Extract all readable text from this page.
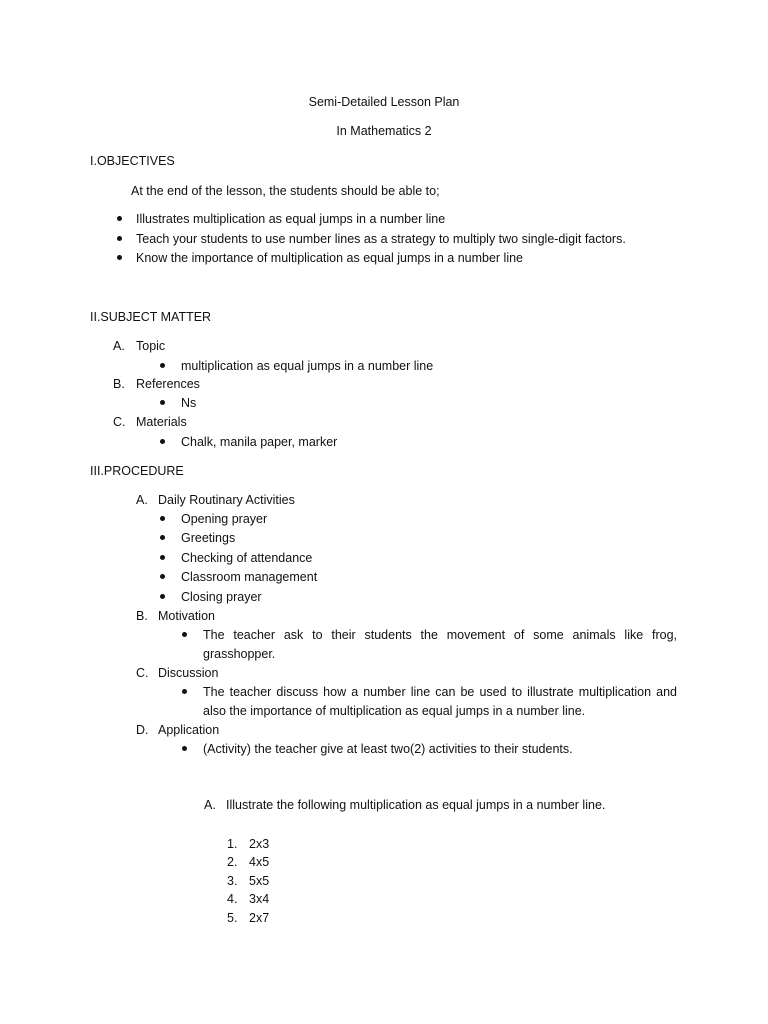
Semi-Detailed Lesson Plan
In Mathematics 2
I.OBJECTIVES
At the end of the lesson, the students should be able to;
Illustrates multiplication as equal jumps in a number line
Teach your students to use number lines as a strategy to multiply two single-digit factors.
Know the importance of multiplication as equal jumps in a number line
II.SUBJECT MATTER
A. Topic
multiplication as equal jumps in a number line
B. References
Ns
C. Materials
Chalk, manila paper, marker
III.PROCEDURE
A. Daily Routinary Activities
Opening prayer
Greetings
Checking of attendance
Classroom management
Closing prayer
B. Motivation
The teacher ask to their students the movement of some animals like frog, grasshopper.
C. Discussion
The teacher discuss how a number line can be used to illustrate multiplication and also the importance of multiplication as equal jumps in a number line.
D. Application
(Activity) the teacher give at least two(2) activities to their students.
A. Illustrate the following multiplication as equal jumps in a number line.
1. 2x3
2. 4x5
3. 5x5
4. 3x4
5. 2x7
